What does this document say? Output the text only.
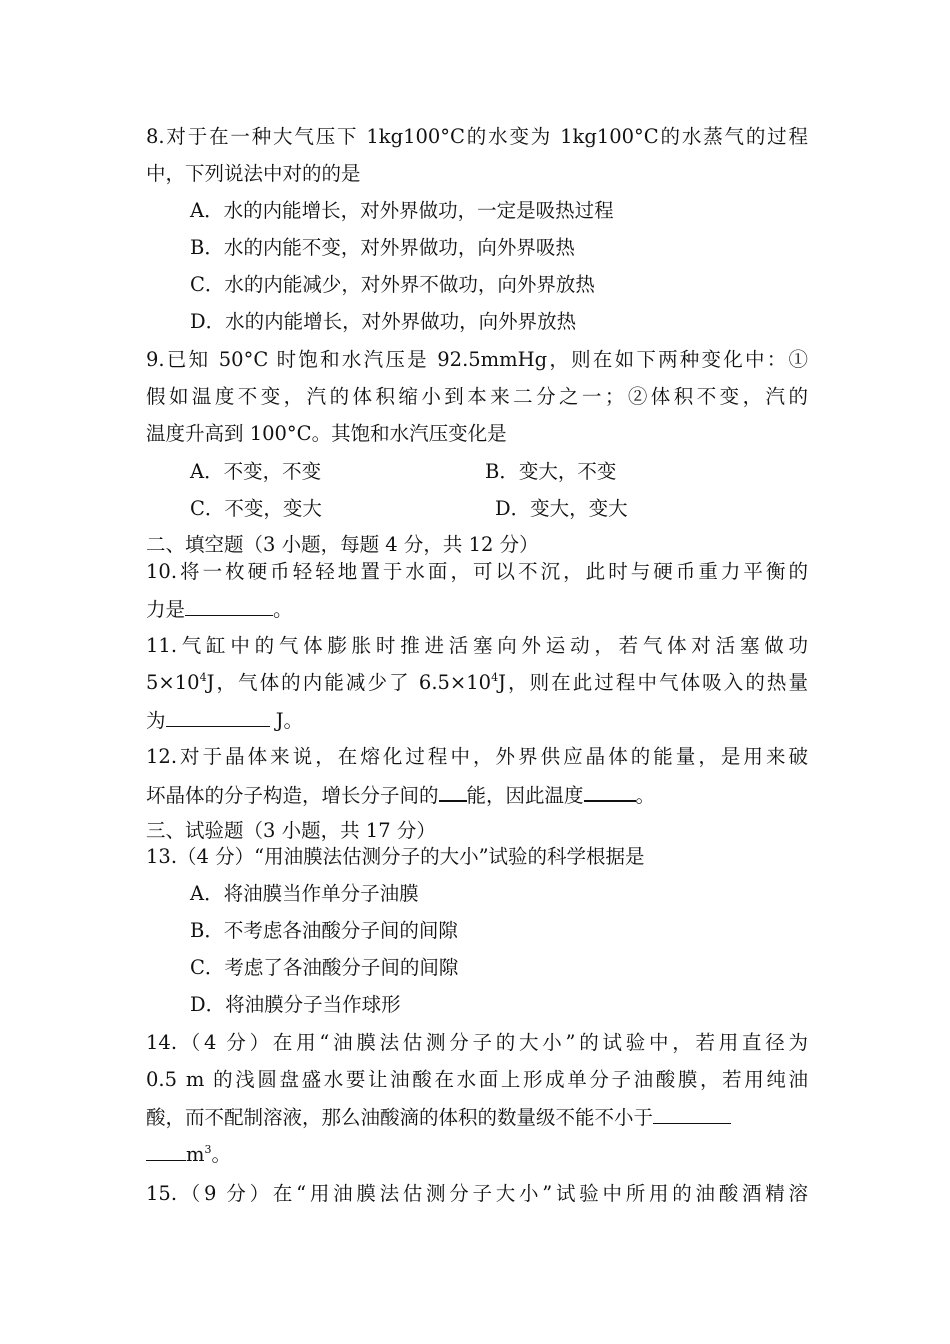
8.对于在一种大气压下 1kg100°C的水变为 1kg100°C的水蒸气的过程
中，下列说法中对的的是
A．水的内能增长，对外界做功，一定是吸热过程
B．水的内能不变，对外界做功，向外界吸热
C．水的内能减少，对外界不做功，向外界放热
D．水的内能增长，对外界做功，向外界放热
9.已知 50°C 时饱和水汽压是 92.5mmHg，则在如下两种变化中：①
假如温度不变，汽的体积缩小到本来二分之一；②体积不变，汽的
温度升高到 100°C。其饱和水汽压变化是
A．不变，不变	B．变大，不变
C．不变，变大	D．变大，变大
二、填空题（3 小题，每题 4 分，共 12 分）
10.将一枚硬币轻轻地置于水面，可以不沉，此时与硬币重力平衡的
力是	。
11.气缸中的气体膨胀时推进活塞向外运动，若气体对活塞做功
$5\times 10^4J$，气体的内能减少了 $6.5\times 10^4J$，则在此过程中气体吸入的热量
为	J。
12.对于晶体来说，在熔化过程中，外界供应晶体的能量，是用来破
坏晶体的分子构造，增长分子间的 能，因此温度	。
三、试验题（3 小题，共 17 分）
13.（4 分）“用油膜法估测分子的大小”试验的科学根据是
A．将油膜当作单分子油膜
B．不考虑各油酸分子间的间隙
C．考虑了各油酸分子间的间隙
D．将油膜分子当作球形
14.（4 分）在用“油膜法估测分子的大小”的试验中，若用直径为
0.5 m 的浅圆盘盛水要让油酸在水面上形成单分子油酸膜，若用纯油
酸，而不配制溶液，那么油酸滴的体积的数量级不能不小于
$m^3$。
15.（9 分）在“用油膜法估测分子大小”试验中所用的油酸酒精溶
